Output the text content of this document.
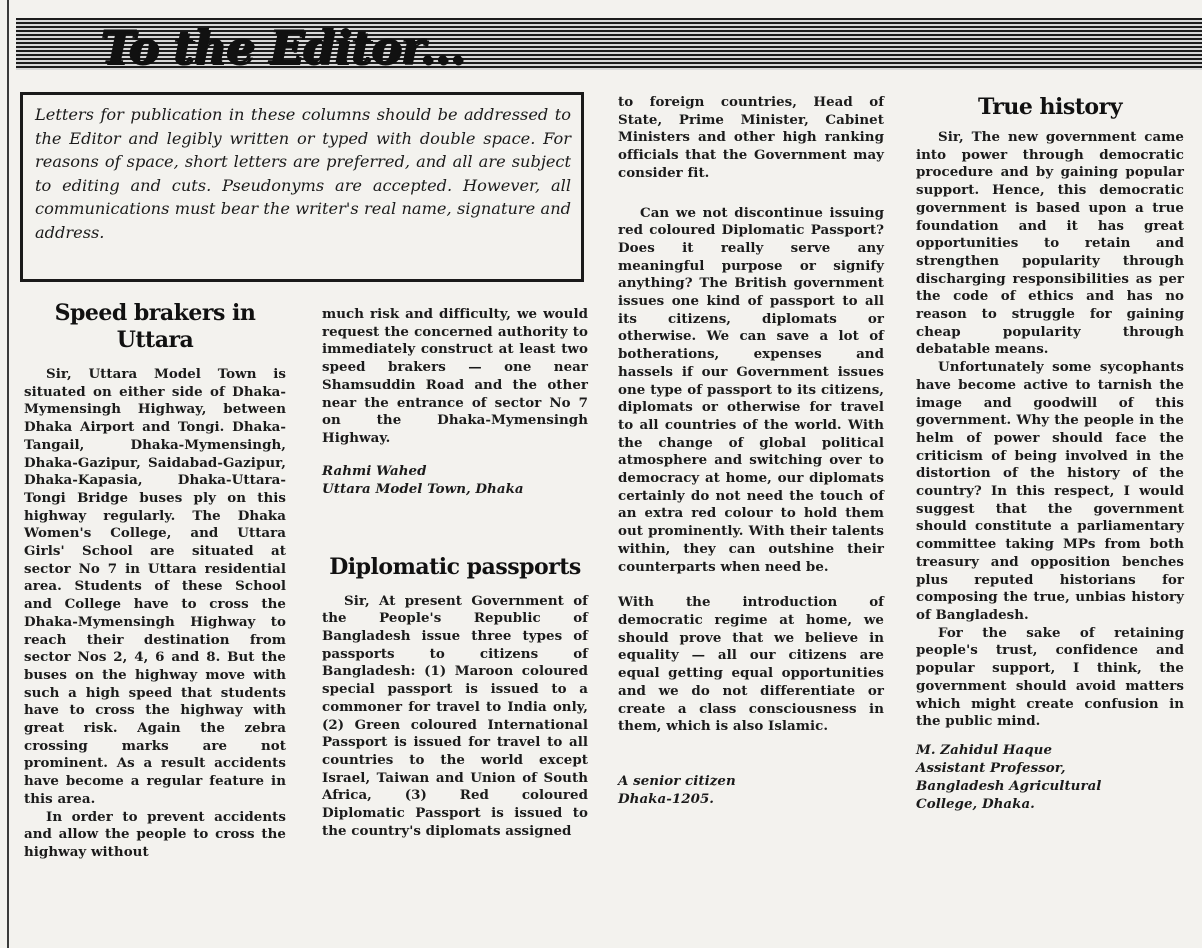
To the Editor...

Letters for publication in these columns should be addressed to the Editor and legibly written or typed with double space. For reasons of space, short letters are preferred, and all are subject to editing and cuts. Pseudonyms are accepted. However, all communications must bear the writer's real name, signature and address.

Speed brakers in Uttara

Sir, Uttara Model Town is situated on either side of Dhaka-Mymensingh Highway, between Dhaka Airport and Tongi. Dhaka-Tangail, Dhaka-Mymensingh, Dhaka-Gazipur, Saidabad-Gazipur, Dhaka-Kapasia, Dhaka-Uttara-Tongi Bridge buses ply on this highway regularly. The Dhaka Women's College, and Uttara Girls' School are situated at sector No 7 in Uttara residential area. Students of these School and College have to cross the Dhaka-Mymensingh Highway to reach their destination from sector Nos 2, 4, 6 and 8. But the buses on the highway move with such a high speed that students have to cross the highway with great risk. Again the zebra crossing marks are not prominent. As a result accidents have become a regular feature in this area.

In order to prevent accidents and allow the people to cross the highway without

much risk and difficulty, we would request the concerned authority to immediately construct at least two speed brakers — one near Shamsuddin Road and the other near the entrance of sector No 7 on the Dhaka-Mymensingh Highway.

Rahmi Wahed
Uttara Model Town, Dhaka
Diplomatic passports

Sir, At present Government of the People's Republic of Bangladesh issue three types of passports to citizens of Bangladesh: (1) Maroon coloured special passport is issued to a commoner for travel to India only, (2) Green coloured International Passport is issued for travel to all countries to the world except Israel, Taiwan and Union of South Africa, (3) Red coloured Diplomatic Passport is issued to the country's diplomats assigned

to foreign countries, Head of State, Prime Minister, Cabinet Ministers and other high ranking officials that the Government may consider fit.

Can we not discontinue issuing red coloured Diplomatic Passport? Does it really serve any meaningful purpose or signify anything? The British government issues one kind of passport to all its citizens, diplomats or otherwise. We can save a lot of botherations, expenses and hassels if our Government issues one type of passport to its citizens, diplomats or otherwise for travel to all countries of the world. With the change of global political atmosphere and switching over to democracy at home, our diplomats certainly do not need the touch of an extra red colour to hold them out prominently. With their talents within, they can outshine their counterparts when need be.

With the introduction of democratic regime at home, we should prove that we believe in equality — all our citizens are equal getting equal opportunities and we do not differentiate or create a class consciousness in them, which is also Islamic.

A senior citizen
Dhaka-1205.
True history

Sir, The new government came into power through democratic procedure and by gaining popular support. Hence, this democratic government is based upon a true foundation and it has great opportunities to retain and strengthen popularity through discharging responsibilities as per the code of ethics and has no reason to struggle for gaining cheap popularity through debatable means.

Unfortunately some sycophants have become active to tarnish the image and goodwill of this government. Why the people in the helm of power should face the criticism of being involved in the distortion of the history of the country? In this respect, I would suggest that the government should constitute a parliamentary committee taking MPs from both treasury and opposition benches plus reputed historians for composing the true, unbias history of Bangladesh.

For the sake of retaining people's trust, confidence and popular support, I think, the government should avoid matters which might create confusion in the public mind.

M. Zahidul Haque
Assistant Professor,
Bangladesh Agricultural
College, Dhaka.
